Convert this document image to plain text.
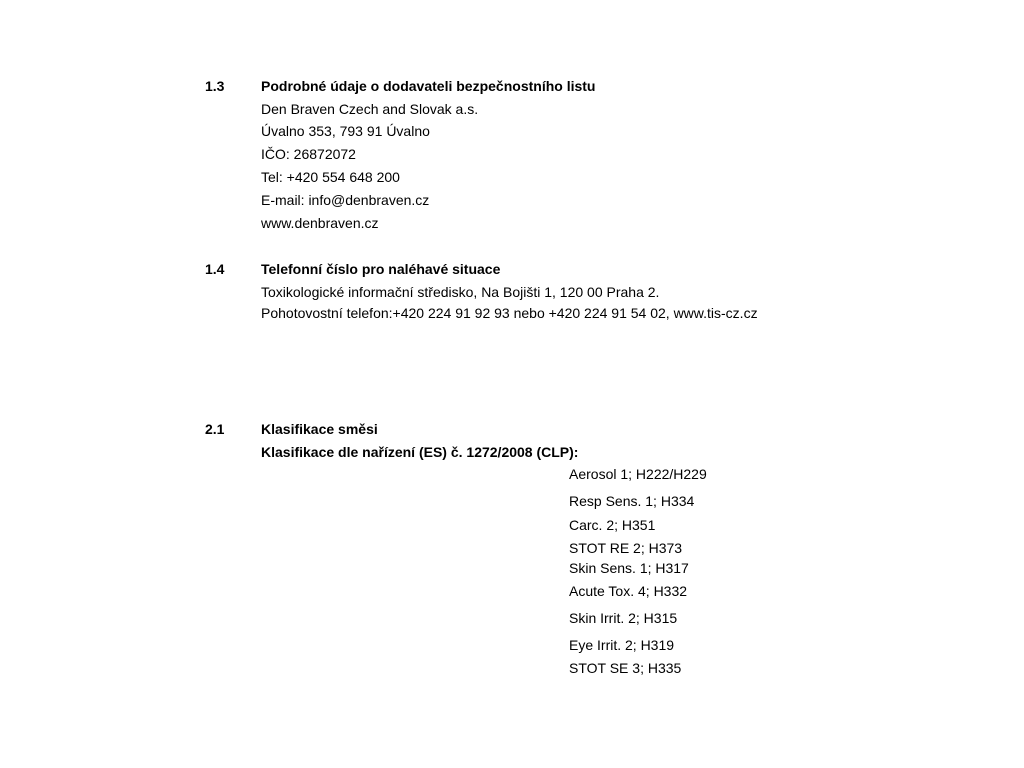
1.3	Podrobné údaje o dodavateli bezpečnostního listu
Den Braven Czech and Slovak a.s.
Úvalno 353, 793 91 Úvalno
IČO: 26872072
Tel: +420 554 648 200
E-mail: info@denbraven.cz
www.denbraven.cz
1.4	Telefonní číslo pro naléhavé situace
Toxikologické informační středisko, Na Bojišti 1, 120 00 Praha 2.
Pohotovostní telefon:+420 224 91 92 93 nebo +420 224 91 54 02, www.tis-cz.cz
2.1	Klasifikace směsi
Klasifikace dle nařízení (ES) č. 1272/2008 (CLP):
Aerosol 1; H222/H229
Resp Sens. 1; H334
Carc. 2; H351
STOT RE 2; H373
Skin Sens. 1; H317
Acute Tox. 4; H332
Skin Irrit. 2; H315
Eye Irrit. 2; H319
STOT SE 3; H335
